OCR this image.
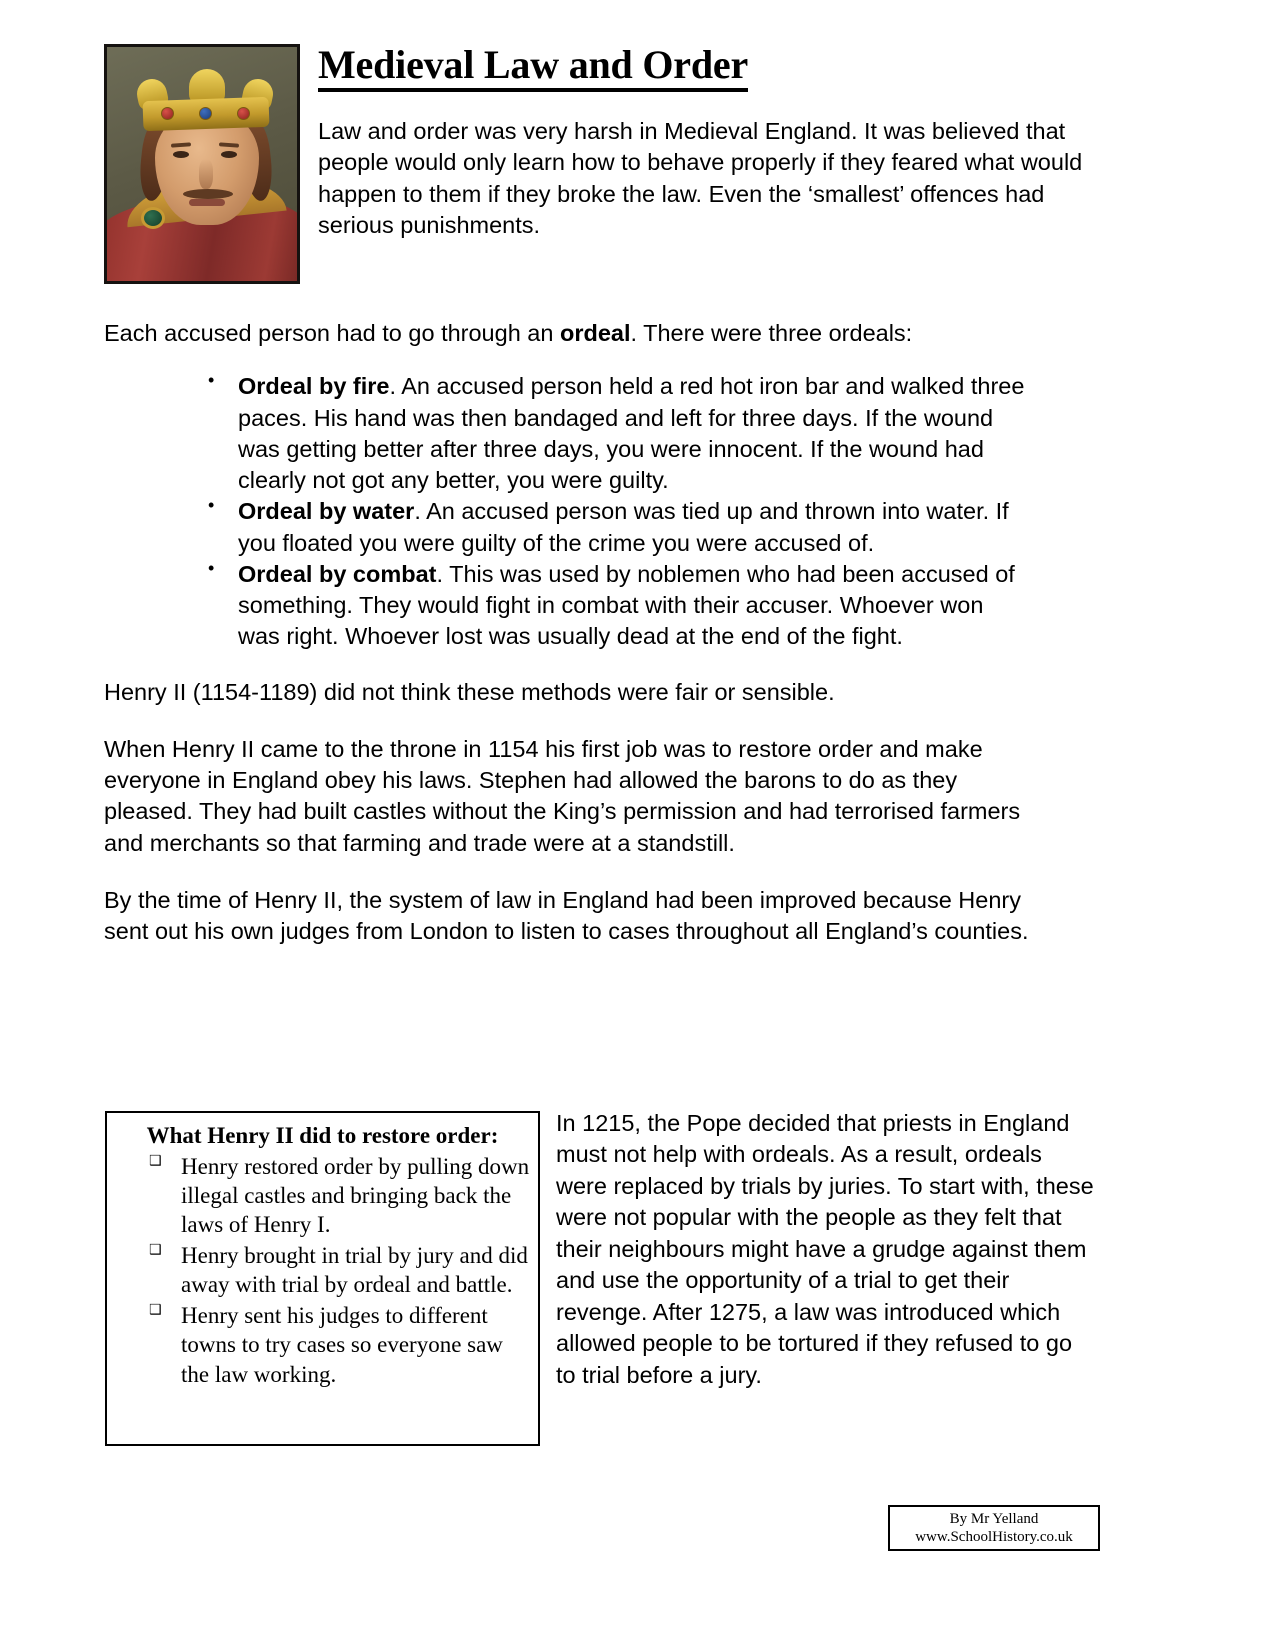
Medieval Law and Order

Law and order was very harsh in Medieval England. It was believed that people would only learn how to behave properly if they feared what would happen to them if they broke the law. Even the ‘smallest’ offences had serious punishments.

Each accused person had to go through an ordeal. There were three ordeals:

• Ordeal by fire. An accused person held a red hot iron bar and walked three paces. His hand was then bandaged and left for three days. If the wound was getting better after three days, you were innocent. If the wound had clearly not got any better, you were guilty.
• Ordeal by water. An accused person was tied up and thrown into water. If you floated you were guilty of the crime you were accused of.
• Ordeal by combat. This was used by noblemen who had been accused of something. They would fight in combat with their accuser. Whoever won was right. Whoever lost was usually dead at the end of the fight.

Henry II (1154-1189) did not think these methods were fair or sensible.

When Henry II came to the throne in 1154 his first job was to restore order and make everyone in England obey his laws. Stephen had allowed the barons to do as they pleased. They had built castles without the King’s permission and had terrorised farmers and merchants so that farming and trade were at a standstill.

By the time of Henry II, the system of law in England had been improved because Henry sent out his own judges from London to listen to cases throughout all England’s counties.

What Henry II did to restore order:
❑ Henry restored order by pulling down illegal castles and bringing back the laws of Henry I.
❑ Henry brought in trial by jury and did away with trial by ordeal and battle.
❑ Henry sent his judges to different towns to try cases so everyone saw the law working.

In 1215, the Pope decided that priests in England must not help with ordeals. As a result, ordeals were replaced by trials by juries. To start with, these were not popular with the people as they felt that their neighbours might have a grudge against them and use the opportunity of a trial to get their revenge. After 1275, a law was introduced which allowed people to be tortured if they refused to go to trial before a jury.

By Mr Yelland
www.SchoolHistory.co.uk
